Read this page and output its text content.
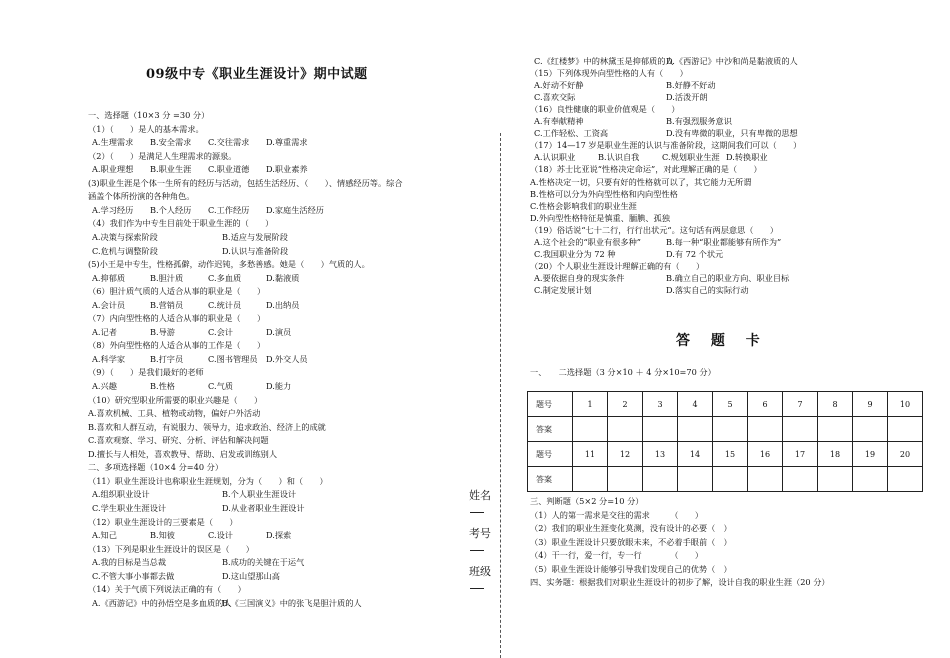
09级中专《职业生涯设计》期中试题
一、选择题（10×3 分 =30 分）
（1）（　　）是人的基本需求。
A.生理需求 B.安全需求 C.交往需求 D.尊重需求
（2）（　　）是满足人生理需求的源泉。
A.职业理想 B.职业生涯 C.职业道德 D.职业素养
(3)职业生涯是个体一生所有的经历与活动，包括生活经历、（　　）、情感经历等。综合
涵盖个体所扮演的各种角色。
A.学习经历 B.个人经历 C.工作经历 D.家庭生活经历
（4）我们作为中专生目前处于职业生涯的（　　）
A.决策与探索阶段	B.适应与发展阶段
C.危机与调整阶段	D.认识与准备阶段
(5)小王是中专生，性格孤僻，动作迟钝，多愁善感。她是（　　）气质的人。
A.抑郁质	B.胆汁质	C.多血质	D.黏液质
（6）胆汁质气质的人适合从事的职业是（　　）
A.会计员	B.营销员	C.统计员	D.出纳员
（7）内向型性格的人适合从事的职业是（　　）
A.记者	B.导游	C.会计	D.演员
（8）外向型性格的人适合从事的工作是（　　）
A.科学家	B.打字员	C.图书管理员 D.外交人员
（9）（　　）是我们最好的老师
A.兴趣	B.性格	C.气质	D.能力
（10）研究型职业所需要的职业兴趣是（　　）
A.喜欢机械、工具、植物或动物，偏好户外活动
B.喜欢和人群互动，有说服力、领导力，追求政治、经济上的成就
C.喜欢观察、学习、研究、分析、评估和解决问题
D.擅长与人相处，喜欢教导、帮助、启发或训练别人
二、多项选择题（10×4 分=40 分）
（11）职业生涯设计也称职业生涯规划，分为（　　）和（　　）
A.组织职业设计	B.个人职业生涯设计
C.学生职业生涯设计	D.从业者职业生涯设计
（12）职业生涯设计的三要素是（　　）
A.知己	B.知彼	C.设计	D.探索
（13）下列是职业生涯设计的误区是（　　）
A.我的目标是当总裁	B.成功的关键在于运气
C.不管大事小事都去做	D.这山望那山高
（14）关于气质下列说法正确的有（　　）
A.《西游记》中的孙悟空是多血质的人
B.《三国演义》中的张飞是胆汁质的人
C.《红楼梦》中的林黛玉是抑郁质的人
D.《西游记》中沙和尚是黏液质的人
（15）下列体现外向型性格的人有（　　）
A.好动不好静	B.好静不好动
C.喜欢交际	D.活泼开朗
（16）良性健康的职业价值观是（　　）
A.有奉献精神	B.有强烈服务意识
C.工作轻松、工资高	D.没有卑微的职业，只有卑微的思想
（17）14—17 岁是职业生涯的认识与准备阶段，这期间我们可以（　　）
A.认识职业	B.认识自我	C.规划职业生涯 D.转换职业
（18）苏士比亚说“性格决定命运”，对此理解正确的是（　　）
A.性格决定一切，只要有好的性格就可以了，其它能力无所谓
B.性格可以分为外向型性格和内向型性格
C.性格会影响我们的职业生涯
D.外向型性格特征是慎重、腼腆、孤独
（19）俗话说“七十二行，行行出状元“。这句话有两层意思（　　）
A.这个社会的“职业有很多种”	B.每一种“职业都能够有所作为”
C.我国职业分为 72 种	D.有 72 个状元
（20）个人职业生涯设计理解正确的有（　　）
A.要依据自身的现实条件	B.确立自己的职业方向、职业目标
C.制定发展计划	D.落实自己的实际行动
答 题 卡
一、　　二选择题（3 分×10 ＋ 4 分×10=70 分）
题号	1	2	3	4	5	6	7	8	9	10
答案										
题号	11	12	13	14	15	16	17	18	19	20
答案										
三、判断题（5×2 分=10 分）
（1）人的第一需求是交往的需求　　　（　　）
（2）我们的职业生涯变化莫测，没有设计的必要（　）
（3）职业生涯设计只要放眼未来，不必着手眼前（　）
（4）干一行，爱一行，专一行　　　　（　　）
（5）职业生涯设计能够引导我们发现自己的优势（　）
四、实务题：根据我们对职业生涯设计的初步了解，设计自我的职业生涯（20 分）
姓名
考号
班级
